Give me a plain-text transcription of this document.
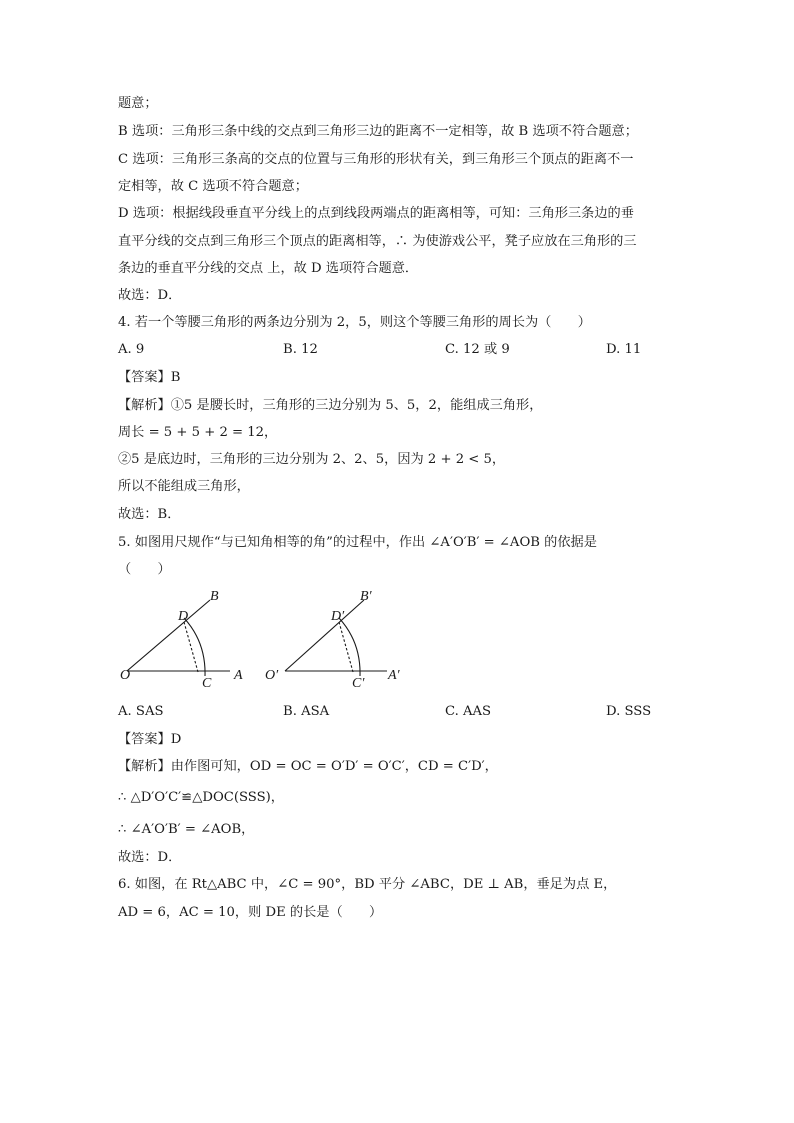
题意；
B 选项：三角形三条中线的交点到三角形三边的距离不一定相等，故 B 选项不符合题意；
C 选项：三角形三条高的交点的位置与三角形的形状有关，到三角形三个顶点的距离不一
定相等，故 C 选项不符合题意；
D 选项：根据线段垂直平分线上的点到线段两端点的距离相等，可知：三角形三条边的垂
直平分线的交点到三角形三个顶点的距离相等，∴ 为使游戏公平，凳子应放在三角形的三
条边的垂直平分线的交点 上，故 D 选项符合题意．
故选：D．
4. 若一个等腰三角形的两条边分别为 2，5，则这个等腰三角形的周长为（　　）
A. 9	B. 12	C. 12 或 9	D. 11
【答案】B
【解析】①5 是腰长时，三角形的三边分别为 5、5，2，能组成三角形，
周长 = 5 + 5 + 2 = 12，
②5 是底边时，三角形的三边分别为 2、2、5，因为 2 + 2 < 5，
所以不能组成三角形，
故选：B．
5. 如图用尺规作“与已知角相等的角”的过程中，作出 ∠A′O′B′ = ∠AOB 的依据是
（　　）
O	A
B
C
D
O′	A′
B′
C′
D′
A. SAS	B. ASA	C. AAS	D. SSS
【答案】D
【解析】由作图可知，OD = OC = O′D′ = O′C′，CD = C′D′，
∴ △D′O′C′≌△DOC(SSS)，
∴ ∠A′O′B′ = ∠AOB，
故选：D．
6. 如图，在 Rt△ABC 中，∠C = 90°，BD 平分 ∠ABC，DE ⊥ AB，垂足为点 E，
AD = 6，AC = 10，则 DE 的长是（　　）
